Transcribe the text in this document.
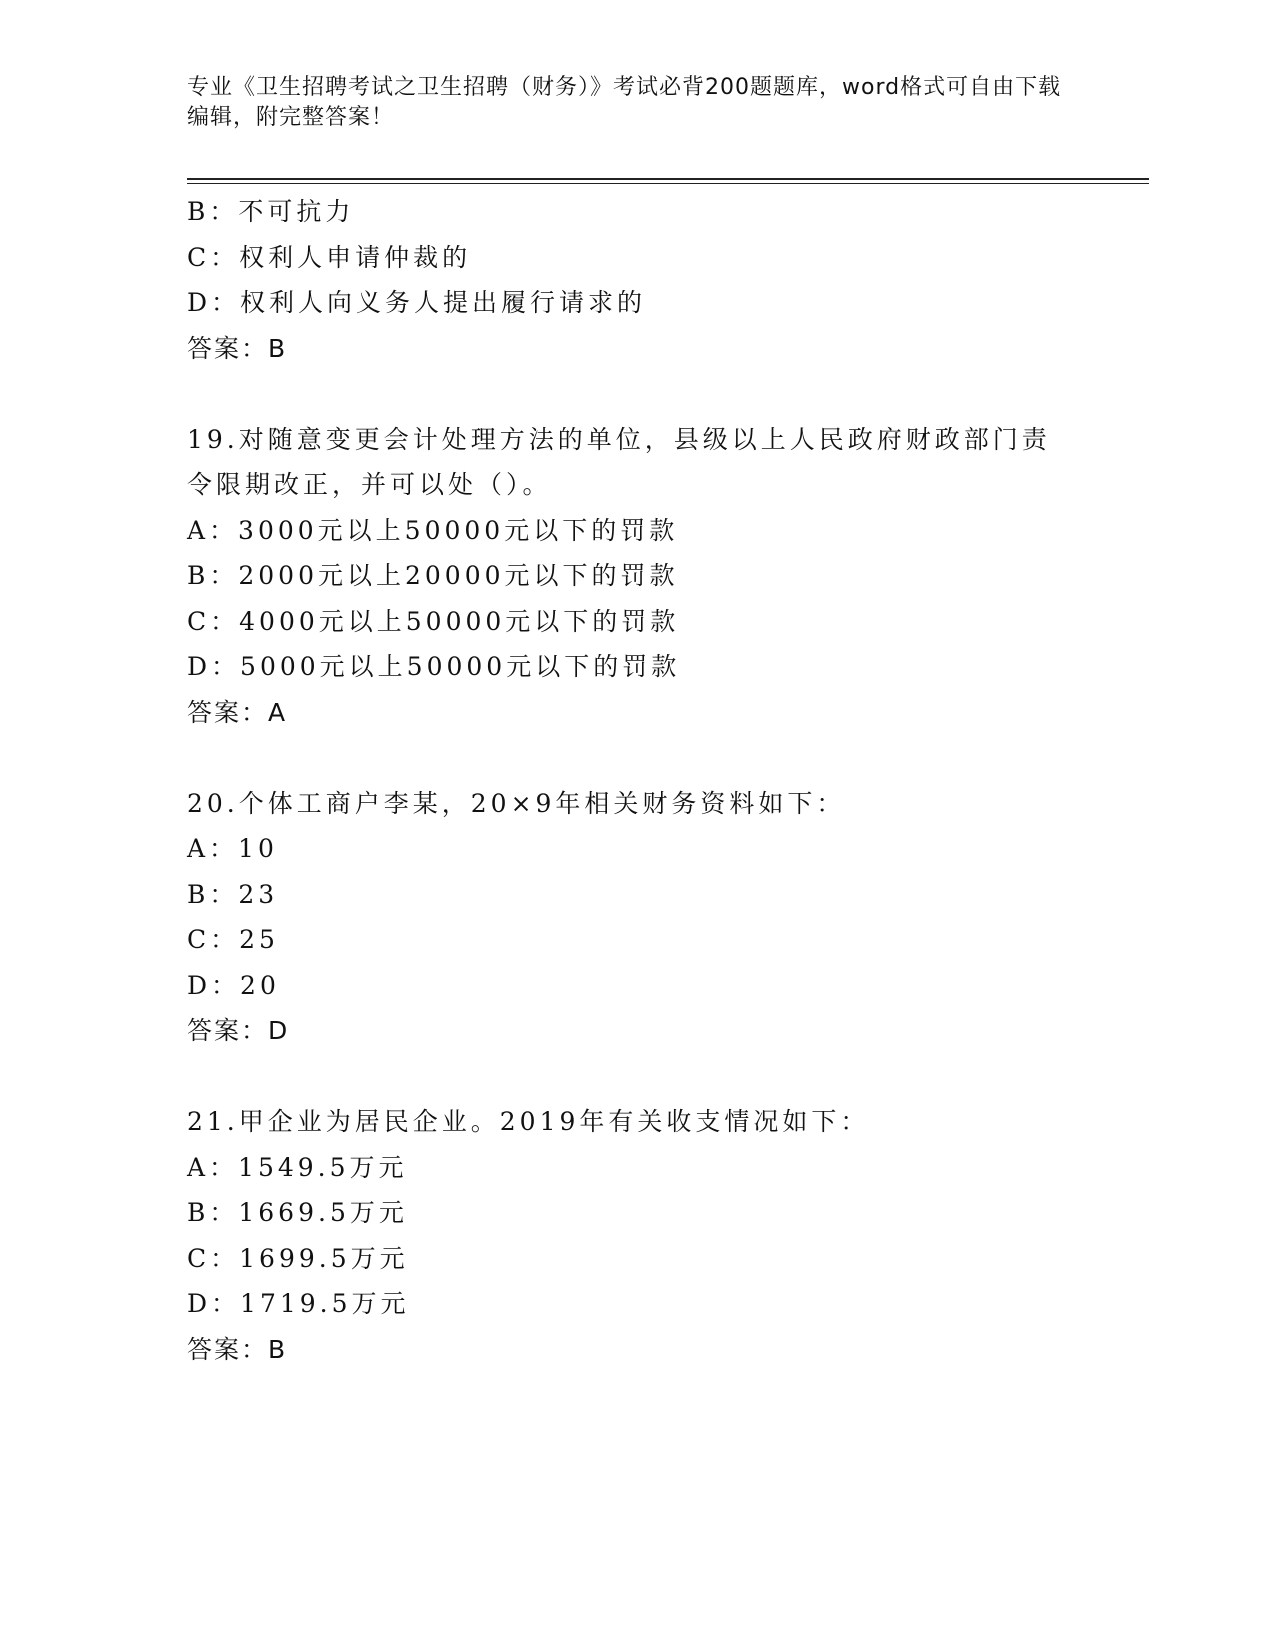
专业《卫生招聘考试之卫生招聘（财务）》考试必背200题题库，word格式可自由下载编辑，附完整答案！
B：不可抗力
C：权利人申请仲裁的
D：权利人向义务人提出履行请求的
答案：B
19.对随意变更会计处理方法的单位，县级以上人民政府财政部门责令限期改正，并可以处（）。
A：3000元以上50000元以下的罚款
B：2000元以上20000元以下的罚款
C：4000元以上50000元以下的罚款
D：5000元以上50000元以下的罚款
答案：A
20.个体工商户李某，20×9年相关财务资料如下：
A：10
B：23
C：25
D：20
答案：D
21.甲企业为居民企业。2019年有关收支情况如下：
A：1549.5万元
B：1669.5万元
C：1699.5万元
D：1719.5万元
答案：B
